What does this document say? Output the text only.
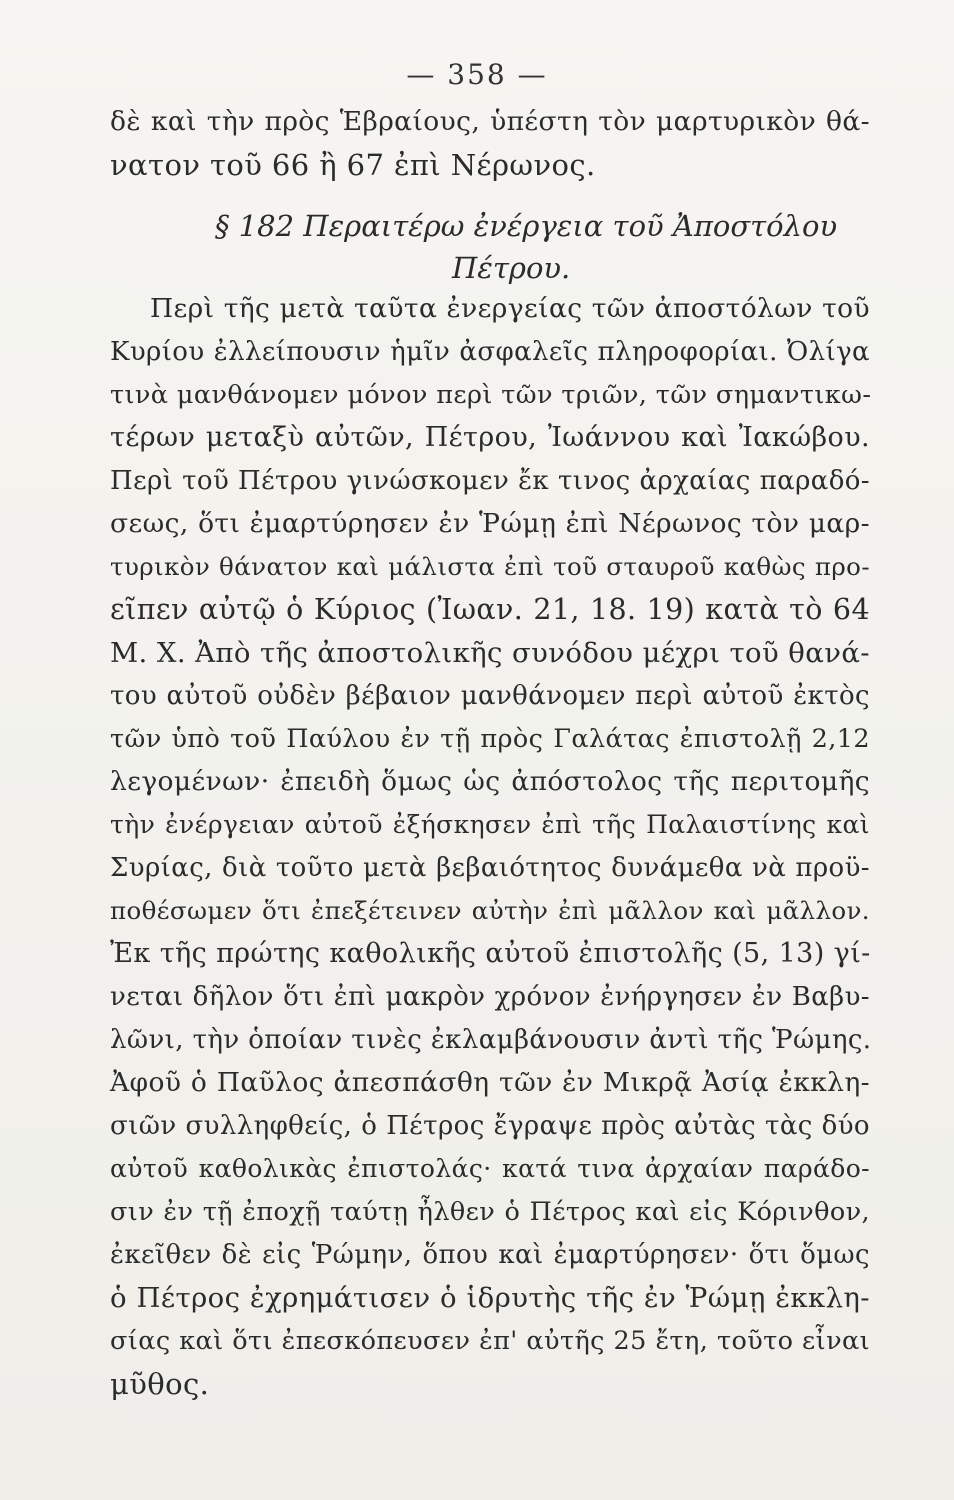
— 358 —
δὲ καὶ τὴν πρὸς Ἑβραίους, ὑπέστη τὸν μαρτυρικὸν θά-
νατον τοῦ 66 ἢ 67 ἐπὶ Νέρωνος.
§ 182 Περαιτέρω ἐνέργεια τοῦ Ἀποστόλου
Πέτρου.
Περὶ τῆς μετὰ ταῦτα ἐνεργείας τῶν ἀποστόλων τοῦ
Κυρίου ἐλλείπουσιν ἡμῖν ἀσφαλεῖς πληροφορίαι. Ὀλίγα
τινὰ μανθάνομεν μόνον περὶ τῶν τριῶν, τῶν σημαντικω-
τέρων μεταξὺ αὐτῶν, Πέτρου, Ἰωάννου καὶ Ἰακώβου.
Περὶ τοῦ Πέτρου γινώσκομεν ἔκ τινος ἀρχαίας παραδό-
σεως, ὅτι ἐμαρτύρησεν ἐν Ῥώμῃ ἐπὶ Νέρωνος τὸν μαρ-
τυρικὸν θάνατον καὶ μάλιστα ἐπὶ τοῦ σταυροῦ καθὼς προ-
εῖπεν αὐτῷ ὁ Κύριος (Ἰωαν. 21, 18. 19) κατὰ τὸ 64
Μ. Χ. Ἀπὸ τῆς ἀποστολικῆς συνόδου μέχρι τοῦ θανά-
του αὐτοῦ οὐδὲν βέβαιον μανθάνομεν περὶ αὐτοῦ ἐκτὸς
τῶν ὑπὸ τοῦ Παύλου ἐν τῇ πρὸς Γαλάτας ἐπιστολῇ 2,12
λεγομένων· ἐπειδὴ ὅμως ὡς ἀπόστολος τῆς περιτομῆς
τὴν ἐνέργειαν αὐτοῦ ἐξήσκησεν ἐπὶ τῆς Παλαιστίνης καὶ
Συρίας, διὰ τοῦτο μετὰ βεβαιότητος δυνάμεθα νὰ προϋ-
ποθέσωμεν ὅτι ἐπεξέτεινεν αὐτὴν ἐπὶ μᾶλλον καὶ μᾶλλον.
Ἐκ τῆς πρώτης καθολικῆς αὐτοῦ ἐπιστολῆς (5, 13) γί-
νεται δῆλον ὅτι ἐπὶ μακρὸν χρόνον ἐνήργησεν ἐν Βαβυ-
λῶνι, τὴν ὁποίαν τινὲς ἐκλαμβάνουσιν ἀντὶ τῆς Ῥώμης.
Ἀφοῦ ὁ Παῦλος ἀπεσπάσθη τῶν ἐν Μικρᾷ Ἀσίᾳ ἐκκλη-
σιῶν συλληφθείς, ὁ Πέτρος ἔγραψε πρὸς αὐτὰς τὰς δύο
αὐτοῦ καθολικὰς ἐπιστολάς· κατά τινα ἀρχαίαν παράδο-
σιν ἐν τῇ ἐποχῇ ταύτῃ ἦλθεν ὁ Πέτρος καὶ εἰς Κόρινθον,
ἐκεῖθεν δὲ εἰς Ῥώμην, ὅπου καὶ ἐμαρτύρησεν· ὅτι ὅμως
ὁ Πέτρος ἐχρημάτισεν ὁ ἱδρυτὴς τῆς ἐν Ῥώμῃ ἐκκλη-
σίας καὶ ὅτι ἐπεσκόπευσεν ἐπ' αὐτῆς 25 ἔτη, τοῦτο εἶναι
μῦθος.
